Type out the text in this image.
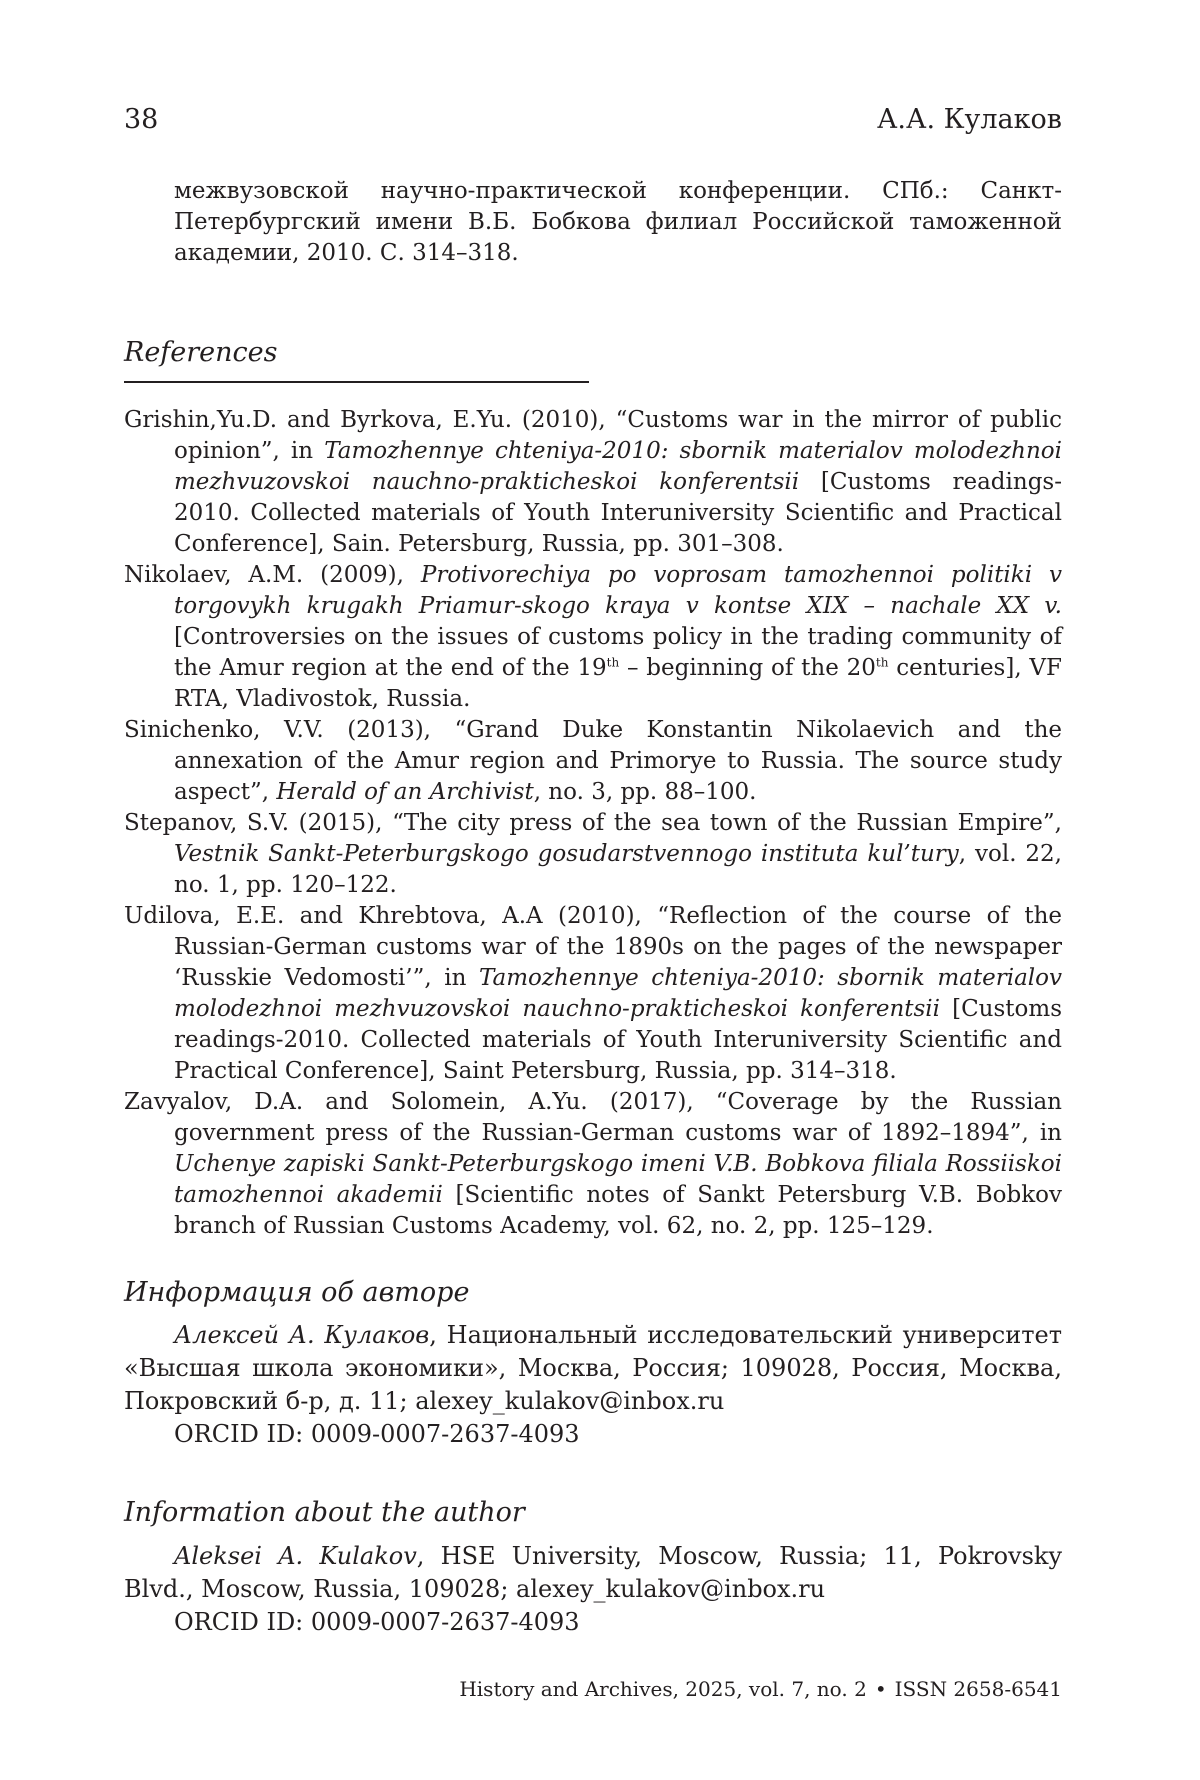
38	А.А. Кулаков
межвузовской научно-практической конференции. СПб.: Санкт-Петербургский имени В.Б. Бобкова филиал Российской таможенной академии, 2010. С. 314–318.
References
Grishin,Yu.D. and Byrkova, E.Yu. (2010), “Customs war in the mirror of public opinion”, in Tamozhennye chteniya-2010: sbornik materialov molodezhnoi mezhvuzovskoi nauchno-prakticheskoi konferentsii [Customs readings-2010. Collected materials of Youth Interuniversity Scientific and Practical Conference], Sain. Petersburg, Russia, pp. 301–308.
Nikolaev, A.M. (2009), Protivorechiya po voprosam tamozhennoi politiki v torgovykh krugakh Priamur-skogo kraya v kontse XIX – nachale XX v. [Controversies on the issues of customs policy in the trading community of the Amur region at the end of the 19th – beginning of the 20th centuries], VF RTA, Vladivostok, Russia.
Sinichenko, V.V. (2013), “Grand Duke Konstantin Nikolaevich and the annexation of the Amur region and Primorye to Russia. The source study aspect”, Herald of an Archivist, no. 3, pp. 88–100.
Stepanov, S.V. (2015), “The city press of the sea town of the Russian Empire”, Vestnik Sankt-Peterburgskogo gosudarstvennogo instituta kul’tury, vol. 22, no. 1, pp. 120–122.
Udilova, E.E. and Khrebtova, A.A (2010), “Reflection of the course of the Russian-German customs war of the 1890s on the pages of the newspaper ‘Russkie Vedomosti’”, in Tamozhennye chteniya-2010: sbornik materialov molodezhnoi mezhvuzovskoi nauchno-prakticheskoi konferentsii [Customs readings-2010. Collected materials of Youth Interuniversity Scientific and Practical Conference], Saint Petersburg, Russia, pp. 314–318.
Zavyalov, D.A. and Solomein, A.Yu. (2017), “Coverage by the Russian government press of the Russian-German customs war of 1892–1894”, in Uchenye zapiski Sankt-Peterburgskogo imeni V.B. Bobkova filiala Rossiiskoi tamozhennoi akademii [Scientific notes of Sankt Petersburg V.B. Bobkov branch of Russian Customs Academy, vol. 62, no. 2, pp. 125–129.
Информация об авторе

Алексей А. Кулаков, Национальный исследовательский университет «Высшая школа экономики», Москва, Россия; 109028, Россия, Москва, Покровский б-р, д. 11; alexey_kulakov@inbox.ru

ORCID ID: 0009-0007-2637-4093

Information about the author

Aleksei A. Kulakov, HSE University, Moscow, Russia; 11, Pokrovsky Blvd., Moscow, Russia, 109028; alexey_kulakov@inbox.ru

ORCID ID: 0009-0007-2637-4093

History and Archives, 2025, vol. 7, no. 2 • ISSN 2658-6541
